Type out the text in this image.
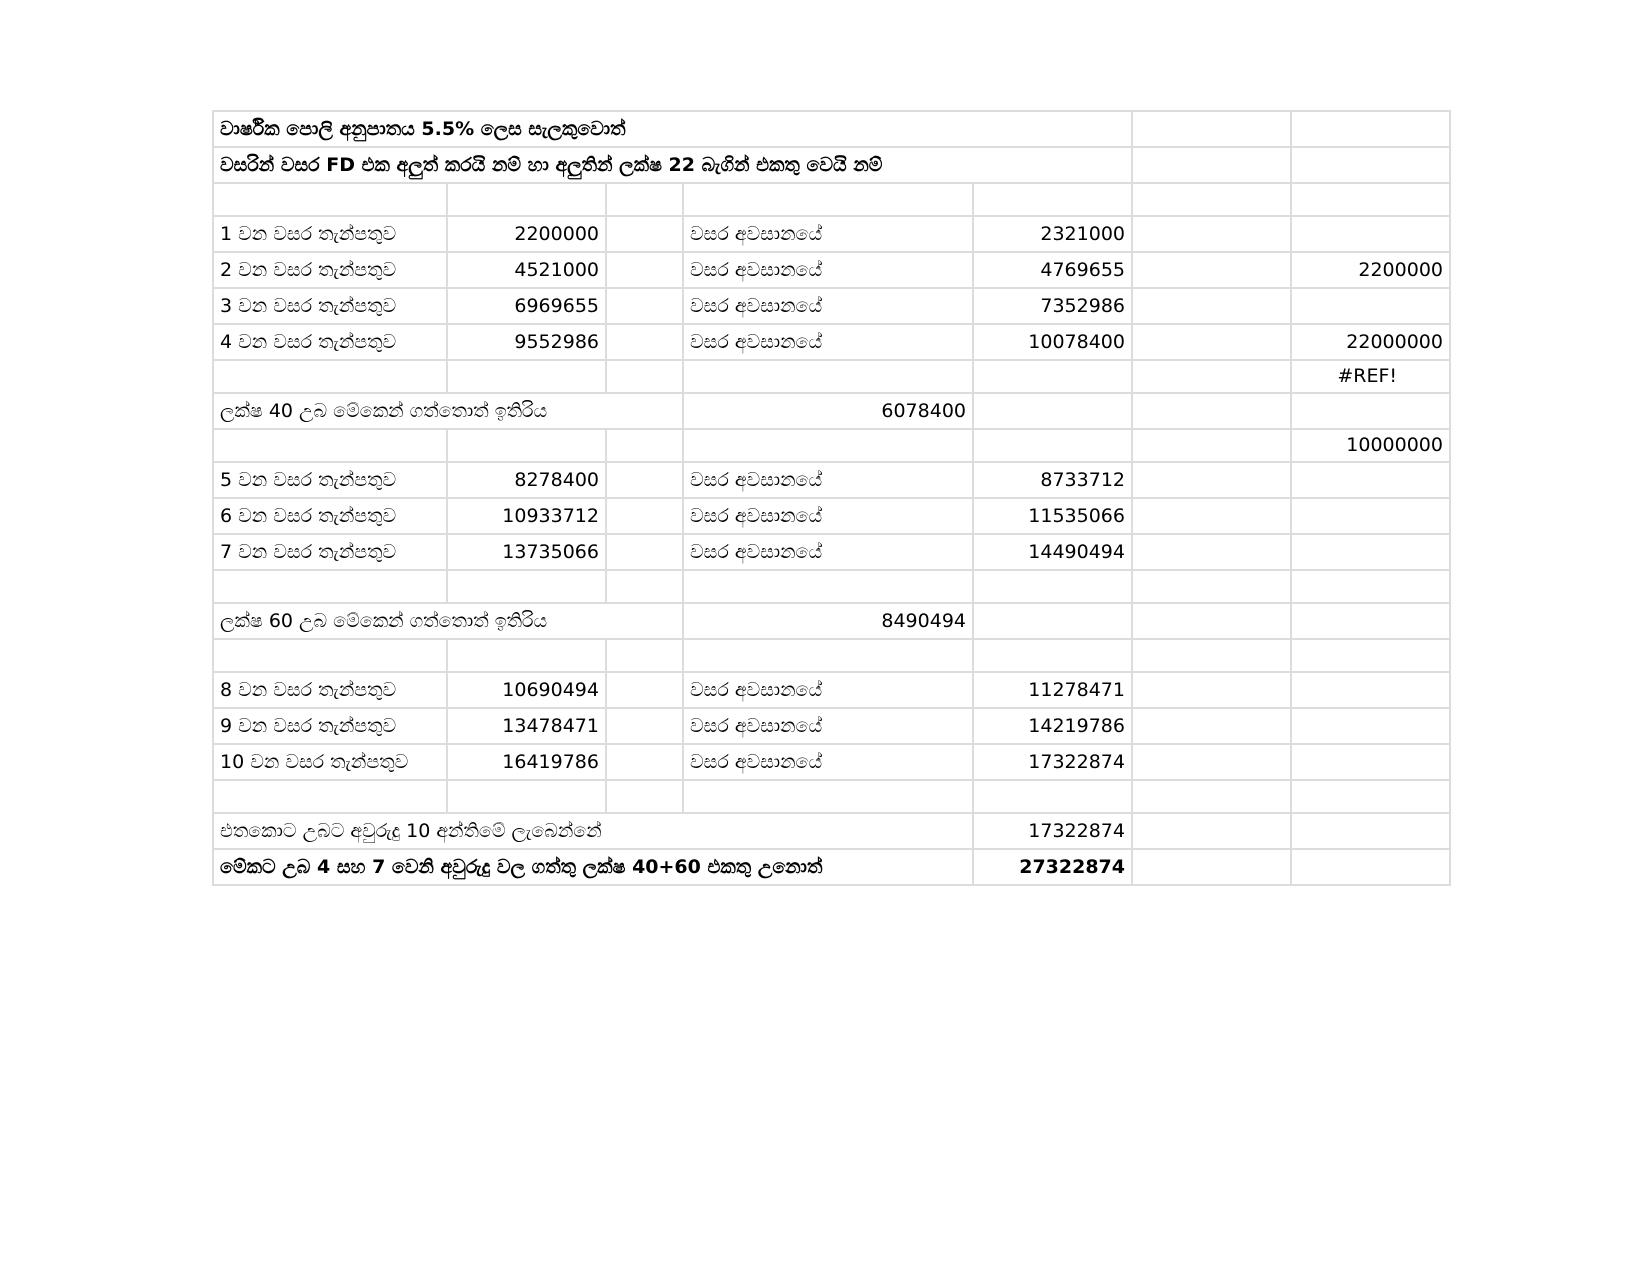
වාර්ෂික පොලි අනුපාතය 5.5% ලෙස සැලකුවොත්						
වසරින් වසර FD එක අලුත් කරයි නම් හා අලුතින් ලක්ෂ 22 බැගින් එකතු වෙයි නම්						

1 වන වසර තැන්පතුව	2200000		වසර අවසානයේ	2321000		
2 වන වසර තැන්පතුව	4521000		වසර අවසානයේ	4769655		2200000
3 වන වසර තැන්පතුව	6969655		වසර අවසානයේ	7352986		
4 වන වසර තැන්පතුව	9552986		වසර අවසානයේ	10078400		22000000
						#REF!
ලක්ෂ 40 උබ මේකෙන් ගත්තොත් ඉතිරිය			6078400			
						10000000
5 වන වසර තැන්පතුව	8278400		වසර අවසානයේ	8733712		
6 වන වසර තැන්පතුව	10933712		වසර අවසානයේ	11535066		
7 වන වසර තැන්පතුව	13735066		වසර අවසානයේ	14490494		

ලක්ෂ 60 උබ මේකෙන් ගත්තොත් ඉතිරිය			8490494			

8 වන වසර තැන්පතුව	10690494		වසර අවසානයේ	11278471		
9 වන වසර තැන්පතුව	13478471		වසර අවසානයේ	14219786		
10 වන වසර තැන්පතුව	16419786		වසර අවසානයේ	17322874		

එතකොට උබට අවුරුදු 10 අන්තිමේ ලැබෙන්නේ				17322874		
මේකට උබ 4 සහ 7 වෙනි අවුරුදු වල ගත්තු ලක්ෂ 40+60 එකතු උනොත්				27322874		
